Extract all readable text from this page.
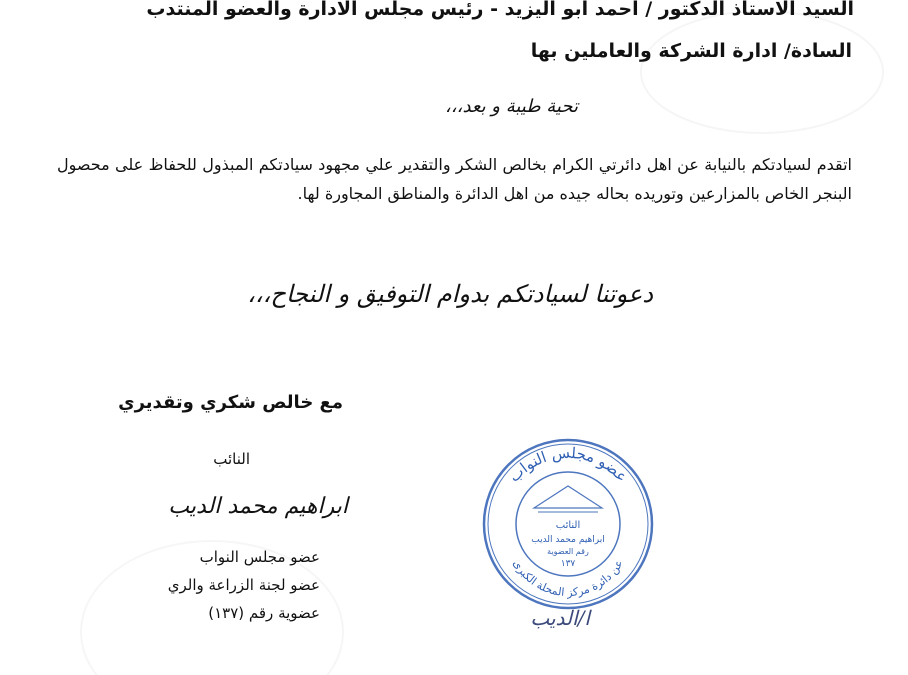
السيد الاستاذ الدكتور / احمد ابو اليزيد - رئيس مجلس الادارة والعضو المنتدب
السادة/ ادارة الشركة والعاملين بها
تحية طيبة و بعد،،،
اتقدم لسيادتكم بالنيابة عن اهل دائرتي الكرام بخالص الشكر والتقدير علي مجهود سيادتكم المبذول للحفاظ على محصول البنجر الخاص بالمزارعين وتوريده بحاله جيده من اهل الدائرة والمناطق المجاورة لها.
دعوتنا لسيادتكم بدوام التوفيق و النجاح،،،
مع خالص شكري وتقديري
النائب
ابراهيم محمد الديب
عضو مجلس النواب
عضو لجنة الزراعة والري
عضوية رقم (١٣٧)
عضو مجلس النواب
عن دائرة مركز المحلة الكبرى
النائب
ابراهيم محمد الديب
رقم العضوية
١٣٧
ا/الديب
